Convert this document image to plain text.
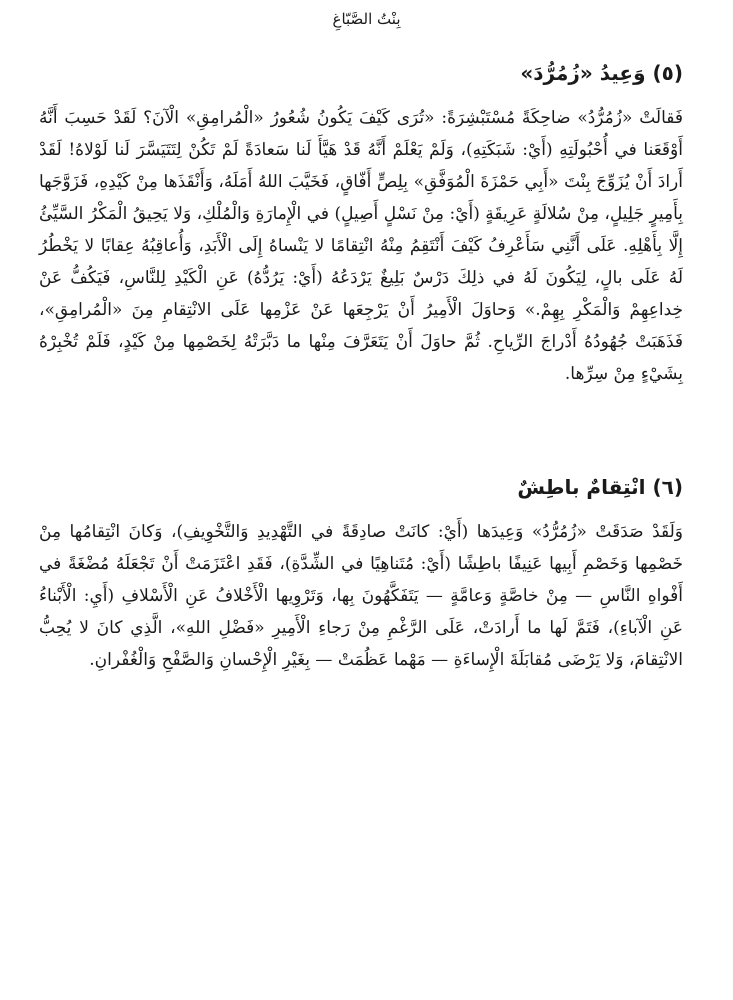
بِنْتُ الصَّبّاغِ
(٥) وَعِيدُ «زُمُرُّدَ»

فَقالَتْ «زُمُرُّدُ» ضاحِكَةً مُسْتَبْشِرَةً: «تُرَى كَيْفَ يَكُونُ شُعُورُ «الْمُرامِقِ» الْآنَ؟ لَقَدْ حَسِبَ أَنَّهُ أَوْقَعَنا في أُحْبُولَتِهِ (أَيْ: شَبَكَتِهِ)، وَلَمْ يَعْلَمْ أَنَّهُ قَدْ هَيَّأَ لَنا سَعادَةً لَمْ تَكُنْ لِتَتَيَسَّرَ لَنا لَوْلاهُ! لَقَدْ أَرادَ أَنْ يُزَوِّجَ بِنْتَ «أَبِي حَمْزَةَ الْمُوَفَّقِ» بِلِصٍّ أَفّاقٍ، فَخَيَّبَ اللهُ أَمَلَهُ، وَأَنْقَذَها مِنْ كَيْدِهِ، فَزَوَّجَها بِأَمِيرٍ جَلِيلٍ، مِنْ سُلالَةٍ عَرِيقَةٍ (أَيْ: مِنْ نَسْلٍ أَصِيلٍ) في الْإِمارَةِ وَالْمُلْكِ، وَلا يَحِيقُ الْمَكْرُ السَّيِّئُ إِلَّا بِأَهْلِهِ. عَلَى أَنَّنِي سَأَعْرِفُ كَيْفَ أَنْتَقِمُ مِنْهُ انْتِقامًا لا يَنْساهُ إِلَى الْأَبَدِ، وَأُعاقِبُهُ عِقابًا لا يَخْطُرُ لَهُ عَلَى بالٍ، لِيَكُونَ لَهُ في ذلِكَ دَرْسٌ بَلِيغٌ يَرْدَعُهُ (أَيْ: يَرُدُّهُ) عَنِ الْكَيْدِ لِلنَّاسِ، فَيَكُفُّ عَنْ خِداعِهِمْ وَالْمَكْرِ بِهِمْ.» وَحاوَلَ الْأَمِيرُ أَنْ يَرْجِعَها عَنْ عَزْمِها عَلَى الانْتِقامِ مِنَ «الْمُرامِقِ»، فَذَهَبَتْ جُهُودُهُ أَدْراجَ الرِّياحِ. ثُمَّ حاوَلَ أَنْ يَتَعَرَّفَ مِنْها ما دَبَّرَتْهُ لِخَصْمِها مِنْ كَيْدٍ، فَلَمْ تُخْبِرْهُ بِشَيْءٍ مِنْ سِرِّها.

(٦) انْتِقامٌ باطِشٌ

وَلَقَدْ صَدَقَتْ «زُمُرُّدُ» وَعِيدَها (أَيْ: كانَتْ صادِقَةً في التَّهْدِيدِ وَالتَّخْوِيفِ)، وَكانَ انْتِقامُها مِنْ خَصْمِها وَخَصْمِ أَبِيها عَنِيفًا باطِشًا (أَيْ: مُتَناهِيًا في الشِّدَّةِ)، فَقَدِ اعْتَزَمَتْ أَنْ تَجْعَلَهُ مُضْغَةً في أَفْواهِ النَّاسِ — مِنْ خاصَّةٍ وَعامَّةٍ — يَتَفَكَّهُونَ بِها، وَتَرْوِيها الْأَخْلافُ عَنِ الْأَسْلافِ (أَيِ: الْأَبْناءُ عَنِ الْآباءِ)، فَتَمَّ لَها ما أَرادَتْ، عَلَى الرَّغْمِ مِنْ رَجاءِ الْأَمِيرِ «فَضْلِ اللهِ»، الَّذِي كانَ لا يُحِبُّ الانْتِقامَ، وَلا يَرْضَى مُقابَلَةَ الْإِساءَةِ — مَهْما عَظُمَتْ — بِغَيْرِ الْإِحْسانِ وَالصَّفْحِ وَالْغُفْرانِ.
